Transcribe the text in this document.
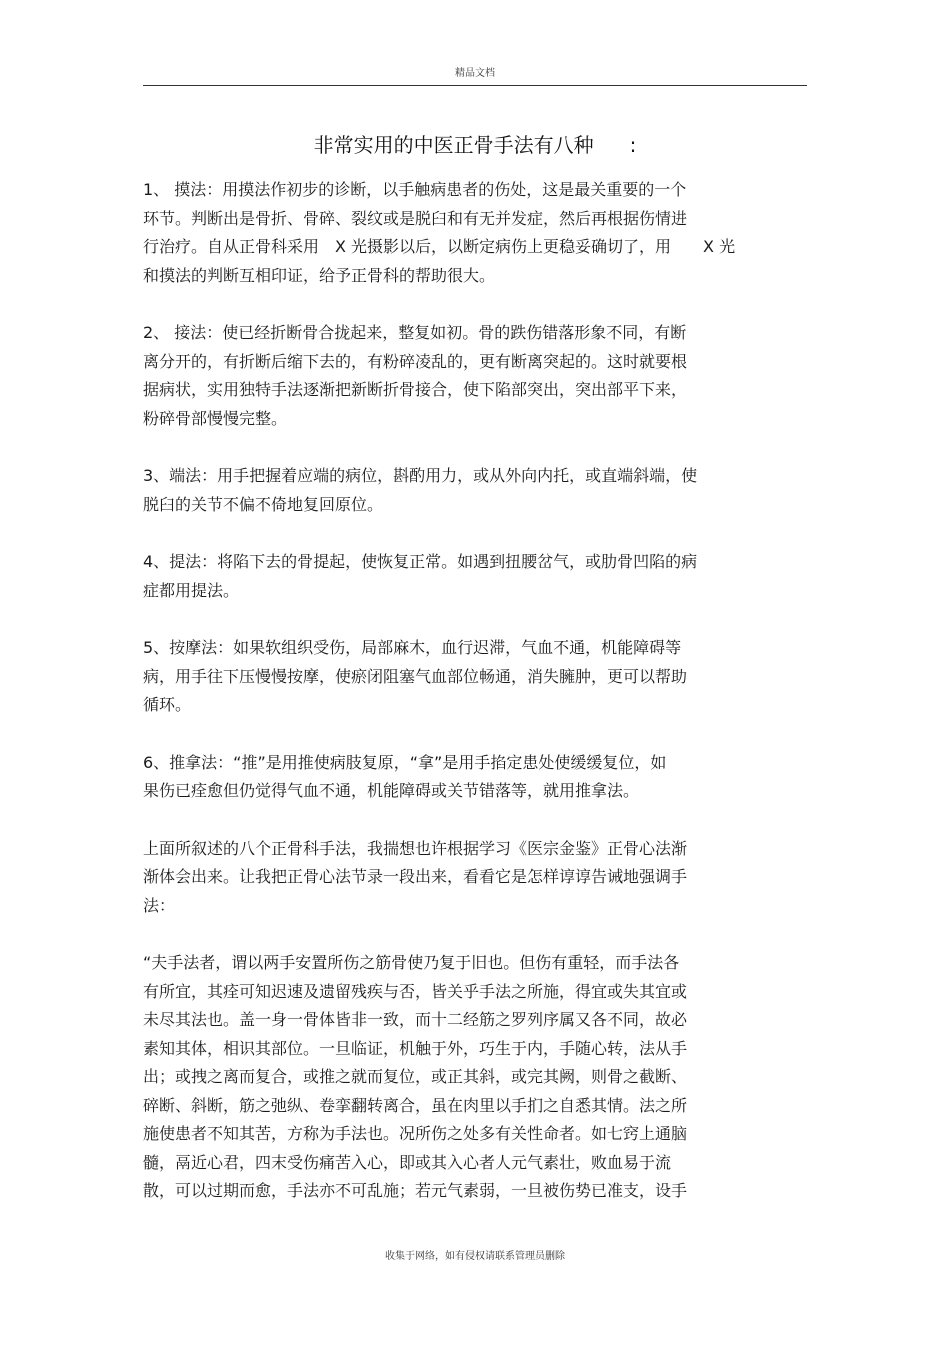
精品文档
非常实用的中医正骨手法有八种 :
1、 摸法：用摸法作初步的诊断，以手触病患者的伤处，这是最关重要的一个
环节。判断出是骨折、骨碎、裂纹或是脱臼和有无并发症，然后再根据伤情进
行治疗。自从正骨科采用　X 光摄影以后，以断定病伤上更稳妥确切了，用　　X 光
和摸法的判断互相印证，给予正骨科的帮助很大。
2、 接法：使已经折断骨合拢起来，整复如初。骨的跌伤错落形象不同，有断
离分开的，有折断后缩下去的，有粉碎凌乱的，更有断离突起的。这时就要根
据病状，实用独特手法逐渐把新断折骨接合，使下陷部突出，突出部平下来，
粉碎骨部慢慢完整。
3、端法：用手把握着应端的病位，斟酌用力，或从外向内托，或直端斜端，使
脱臼的关节不偏不倚地复回原位。
4、提法：将陷下去的骨提起，使恢复正常。如遇到扭腰岔气，或肋骨凹陷的病
症都用提法。
5、按摩法：如果软组织受伤，局部麻木，血行迟滞，气血不通，机能障碍等
病，用手往下压慢慢按摩，使瘀闭阻塞气血部位畅通，消失臃肿，更可以帮助
循环。
6、推拿法：“推”是用推使病肢复原，“拿”是用手掐定患处使缓缓复位，如
果伤已痊愈但仍觉得气血不通，机能障碍或关节错落等，就用推拿法。
上面所叙述的八个正骨科手法，我揣想也许根据学习《医宗金鉴》正骨心法渐
渐体会出来。让我把正骨心法节录一段出来，看看它是怎样谆谆告诫地强调手
法：
“夫手法者，谓以两手安置所伤之筋骨使乃复于旧也。但伤有重轻，而手法各
有所宜，其痊可知迟速及遗留残疾与否，皆关乎手法之所施，得宜或失其宜或
未尽其法也。盖一身一骨体皆非一致，而十二经筋之罗列序属又各不同，故必
素知其体，相识其部位。一旦临证，机触于外，巧生于内，手随心转，法从手
出；或拽之离而复合，或推之就而复位，或正其斜，或完其阙，则骨之截断、
碎断、斜断，筋之弛纵、卷挛翻转离合，虽在肉里以手扪之自悉其情。法之所
施使患者不知其苦，方称为手法也。况所伤之处多有关性命者。如七窍上通脑
髓，鬲近心君，四末受伤痛苦入心，即或其入心者人元气素壮，败血易于流
散，可以过期而愈，手法亦不可乱施；若元气素弱，一旦被伤势已准支，设手
收集于网络，如有侵权请联系管理员删除
